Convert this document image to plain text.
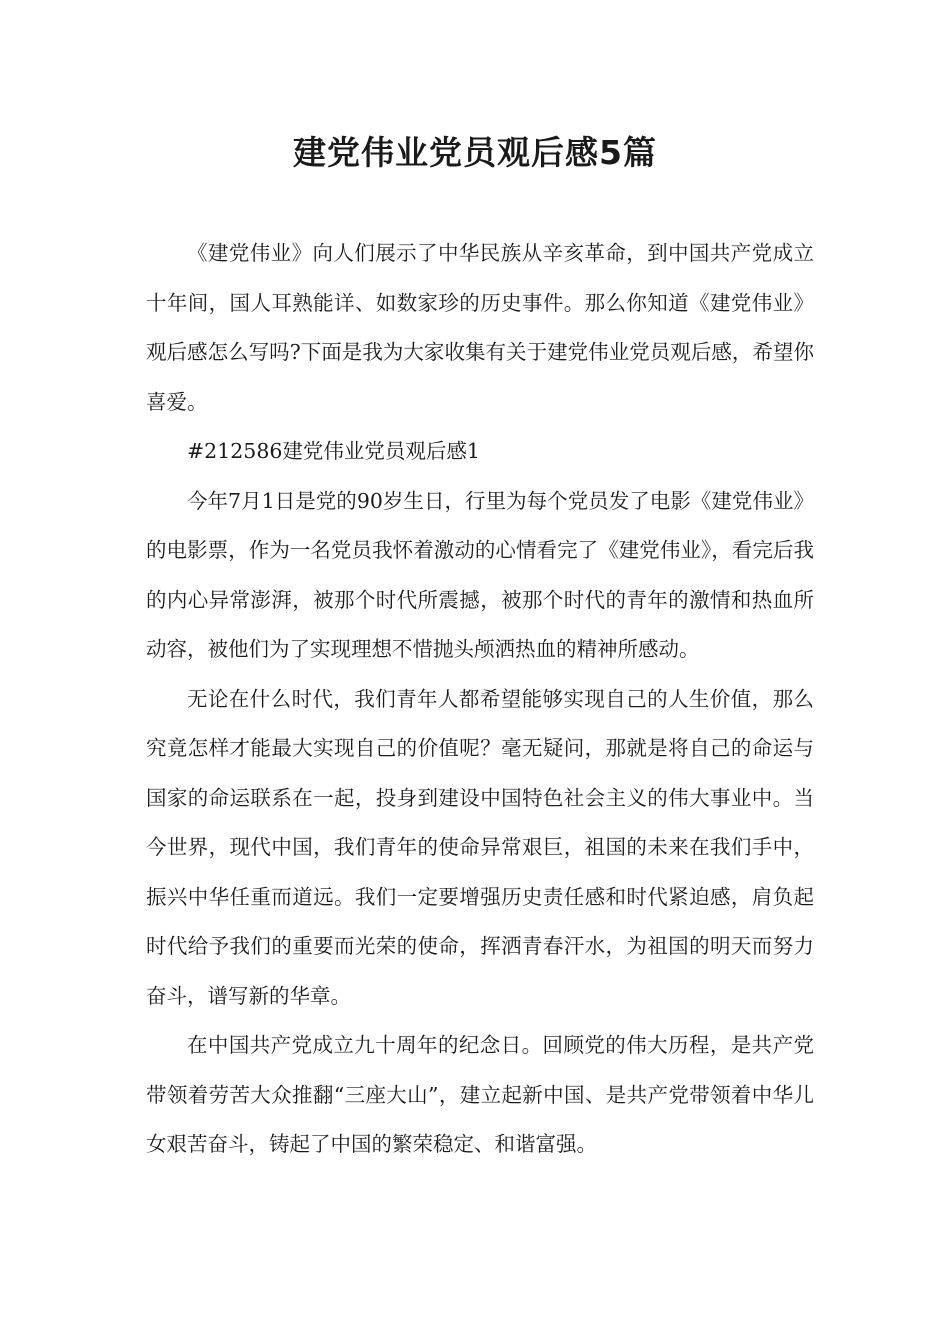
建党伟业党员观后感5篇

《建党伟业》向人们展示了中华民族从辛亥革命，到中国共产党成立十年间，国人耳熟能详、如数家珍的历史事件。那么你知道《建党伟业》观后感怎么写吗?下面是我为大家收集有关于建党伟业党员观后感，希望你喜爱。

#212586建党伟业党员观后感1

今年7月1日是党的90岁生日，行里为每个党员发了电影《建党伟业》的电影票，作为一名党员我怀着激动的心情看完了《建党伟业》，看完后我的内心异常澎湃，被那个时代所震撼，被那个时代的青年的激情和热血所动容，被他们为了实现理想不惜抛头颅洒热血的精神所感动。

无论在什么时代，我们青年人都希望能够实现自己的人生价值，那么究竟怎样才能最大实现自己的价值呢？毫无疑问，那就是将自己的命运与国家的命运联系在一起，投身到建设中国特色社会主义的伟大事业中。当今世界，现代中国，我们青年的使命异常艰巨，祖国的未来在我们手中，振兴中华任重而道远。我们一定要增强历史责任感和时代紧迫感，肩负起时代给予我们的重要而光荣的使命，挥洒青春汗水，为祖国的明天而努力奋斗，谱写新的华章。

在中国共产党成立九十周年的纪念日。回顾党的伟大历程，是共产党带领着劳苦大众推翻“三座大山”，建立起新中国、是共产党带领着中华儿女艰苦奋斗，铸起了中国的繁荣稳定、和谐富强。
